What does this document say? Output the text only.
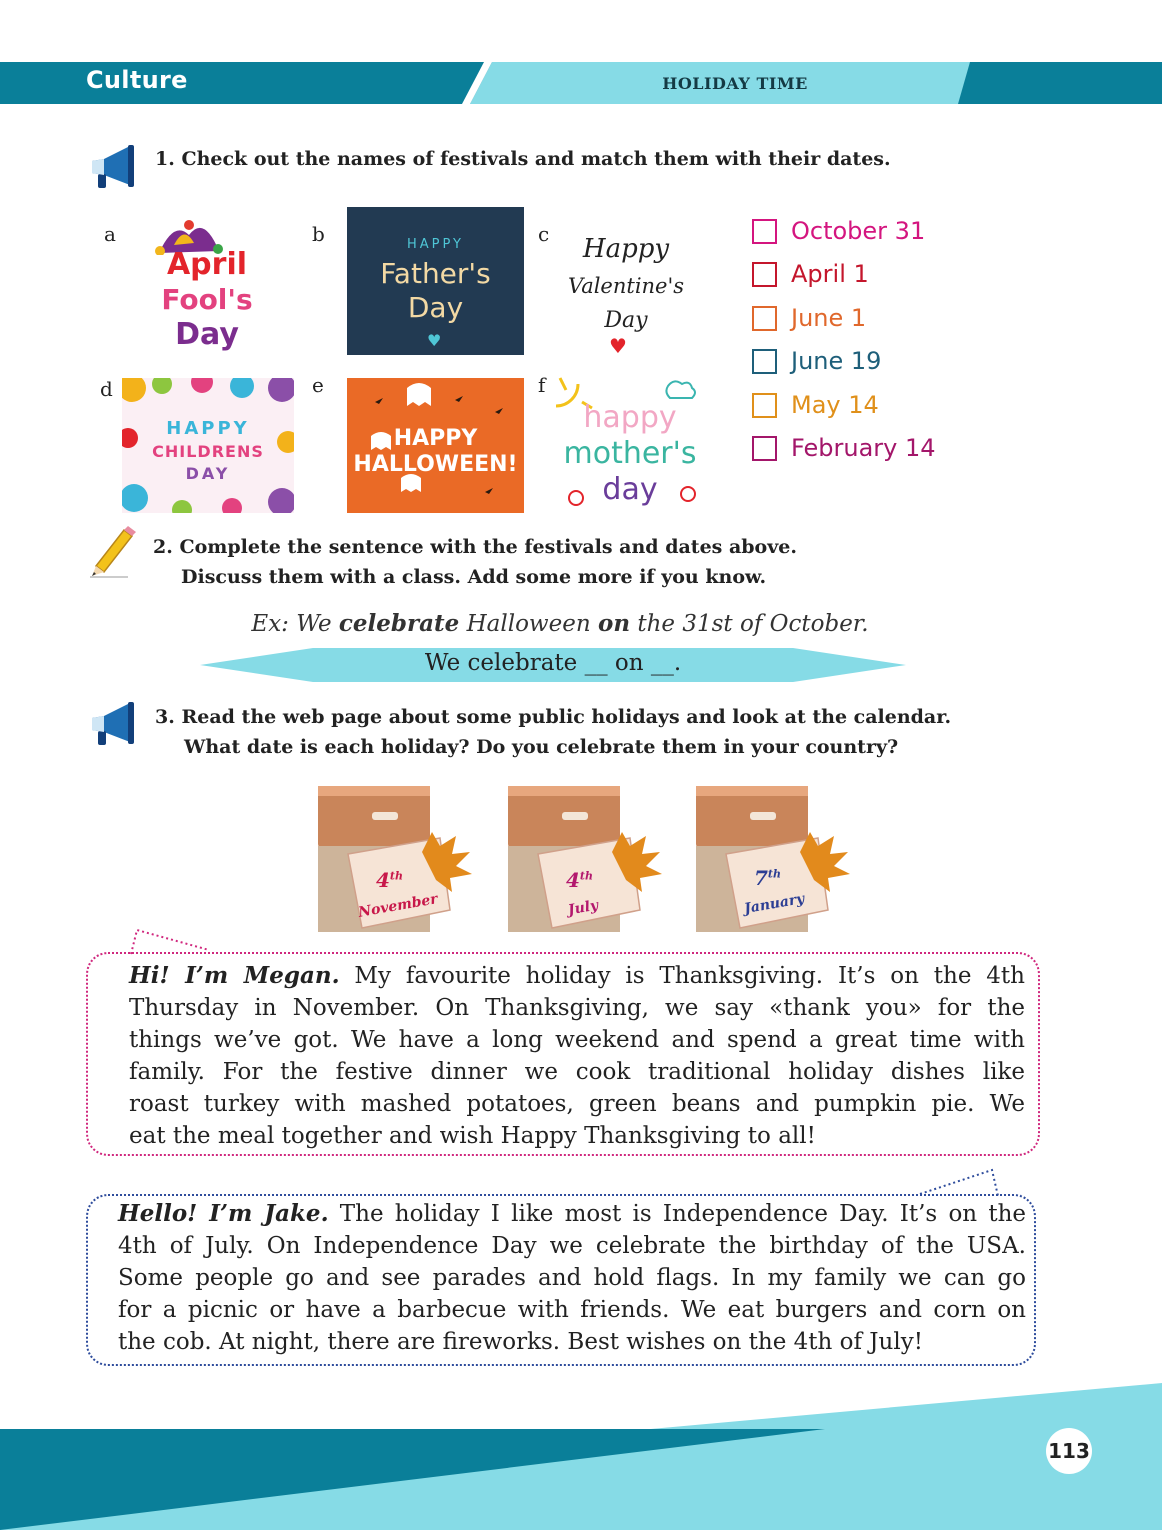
Culture	HOLIDAY TIME
1. Check out the names of festivals and match them with their dates.
a
April
Fool's
Day
b	HAPPY
Father's
Day
♥
c	Happy
Valentine's
Day
♥
d
HAPPY
CHILDRENS
DAY
e
HAPPY
HALLOWEEN!
f
happy
mother's
day
October 31
April 1
June 1
June 19
May 14
February 14
2. Complete the sentence with the festivals and dates above.
Discuss them with a class. Add some more if you know.
Ex: We celebrate Halloween on the 31st of October.
We celebrate __ on __.
3. Read the web page about some public holidays and look at the calendar.
What date is each holiday? Do you celebrate them in your country?
4th
November
4th
July
7th
January
Hi! I’m Megan. My favourite holiday is Thanksgiving. It’s on the 4th
Thursday in November. On Thanksgiving, we say «thank you» for the
things we’ve got. We have a long weekend and spend a great time with
family. For the festive dinner we cook traditional holiday dishes like
roast turkey with mashed potatoes, green beans and pumpkin pie. We

eat the meal together and wish Happy Thanksgiving to all!
Hello! I’m Jake. The holiday I like most is Independence Day. It’s on the
4th of July. On Independence Day we celebrate the birthday of the USA.
Some people go and see parades and hold flags. In my family we can go
for a picnic or have a barbecue with friends. We eat burgers and corn on

the cob. At night, there are fireworks. Best wishes on the 4th of July!
113
